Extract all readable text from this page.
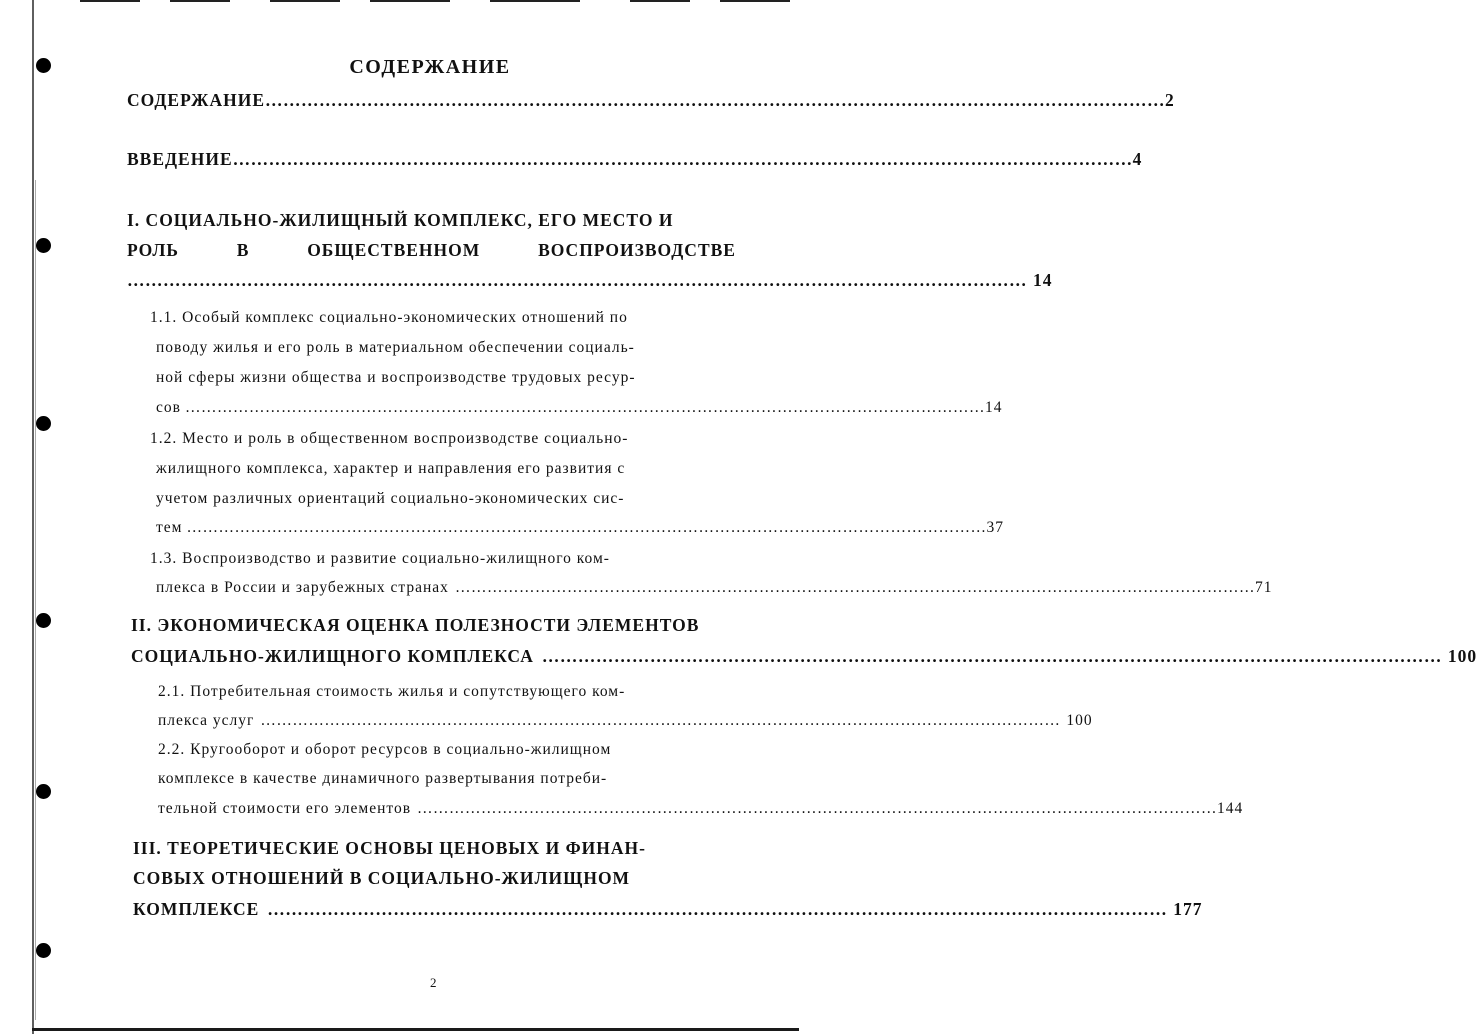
СОДЕРЖАНИЕ
СОДЕРЖАНИЕ …………………………………………………………………………………………………………………………………… 2
ВВЕДЕНИЕ …………………………………………………………………………………………………………………………………… 4
I. СОЦИАЛЬНО-ЖИЛИЩНЫЙ КОМПЛЕКС, ЕГО МЕСТО И
РОЛЬ	В	ОБЩЕСТВЕННОМ	ВОСПРОИЗВОДСТВЕ
…………………………………………………………………………………………………………………………………… 14
1.1. Особый комплекс социально-экономических отношений по
поводу жилья и его роль в материальном обеспечении социаль-
ной сферы жизни общества и воспроизводстве трудовых ресур-
сов …………………………………………………………………………………………………………………………………… 14
1.2. Место и роль в общественном воспроизводстве социально-
жилищного комплекса, характер и направления его развития с
учетом различных ориентаций социально-экономических сис-
тем …………………………………………………………………………………………………………………………………… 37
1.3. Воспроизводство и развитие социально-жилищного ком-
плекса в России и зарубежных странах …………………………………………………………………………………………………………………………………… 71
II. ЭКОНОМИЧЕСКАЯ ОЦЕНКА ПОЛЕЗНОСТИ ЭЛЕМЕНТОВ
СОЦИАЛЬНО-ЖИЛИЩНОГО КОМПЛЕКСА …………………………………………………………………………………………………………………………………… 100
2.1. Потребительная стоимость жилья и сопутствующего ком-
плекса услуг …………………………………………………………………………………………………………………………………… 100
2.2. Кругооборот и оборот ресурсов в социально-жилищном
комплексе в качестве динамичного развертывания потреби-
тельной стоимости его элементов …………………………………………………………………………………………………………………………………… 144
III. ТЕОРЕТИЧЕСКИЕ ОСНОВЫ ЦЕНОВЫХ И ФИНАН-
СОВЫХ ОТНОШЕНИЙ В СОЦИАЛЬНО-ЖИЛИЩНОМ
КОМПЛЕКСЕ …………………………………………………………………………………………………………………………………… 177
2
